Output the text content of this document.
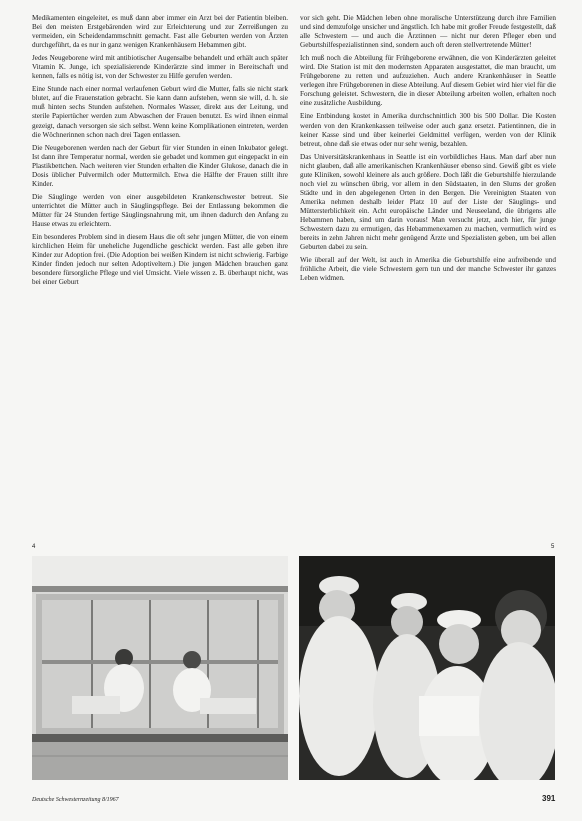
Medikamenten eingeleitet, es muß dann aber immer ein Arzt bei der Patientin bleiben. Bei den meisten Erstgebärenden wird zur Erleichterung und zur Zerreißungen zu vermeiden, ein Scheidendammschnitt gemacht. Fast alle Geburten werden von Ärzten durchgeführt, da es nur in ganz wenigen Krankenhäusern Hebammen gibt.

Jedes Neugeborene wird mit antibiotischer Augensalbe behandelt und erhält auch später Vitamin K. Junge, ich spezialisierende Kinderärzte sind immer in Bereitschaft und kennen, falls es nötig ist, von der Schwester zu Hilfe gerufen werden.

Eine Stunde nach einer normal verlaufenen Geburt wird die Mutter, falls sie nicht stark blutet, auf die Frauenstation gebracht. Sie kann dann aufstehen, wenn sie will, d. h. sie muß hinten sechs Stunden aufstehen. Normales Wasser, direkt aus der Leitung, und sterile Papiertücher werden zum Abwaschen der Frauen benutzt. Es wird ihnen einmal gezeigt, danach versorgen sie sich selbst. Wenn keine Komplikationen eintreten, werden die Wöchnerinnen schon nach drei Tagen entlassen.

Die Neugeborenen werden nach der Geburt für vier Stunden in einen Inkubator gelegt. Ist dann ihre Temperatur normal, werden sie gebadet und kommen gut eingepackt in ein Plastikbettchen. Nach weiteren vier Stunden erhalten die Kinder Glukose, danach die in Dosis üblicher Pulvermilch oder Muttermilch. Etwa die Hälfte der Frauen stillt ihre Kinder.

Die Säuglinge werden von einer ausgebildeten Krankenschwester betreut. Sie unterrichtet die Mütter auch in Säuglingspflege. Bei der Entlassung bekommen die Mütter für 24 Stunden fertige Säuglingsnahrung mit, um ihnen dadurch den Anfang zu Hause etwas zu erleichtern.

Ein besonderes Problem sind in diesem Haus die oft sehr jungen Mütter, die von einem kirchlichen Heim für uneheliche Jugendliche geschickt werden. Fast alle geben ihre Kinder zur Adoption frei. (Die Adoption bei weißen Kindern ist nicht schwierig. Farbige Kinder finden jedoch nur selten Adoptiveltern.) Die jungen Mädchen brauchen ganz besondere fürsorgliche Pflege und viel Umsicht. Viele wissen z. B. überhaupt nicht, was bei einer Geburt

vor sich geht. Die Mädchen leben ohne moralische Unterstützung durch ihre Familien und sind demzufolge unsicher und ängstlich. Ich habe mit großer Freude festgestellt, daß alle Schwestern — und auch die Ärztinnen — nicht nur deren Pfleger eben und Geburtshilfespezialistinnen sind, sondern auch oft deren stellvertretende Mütter!

Ich muß noch die Abteilung für Frühgeborene erwähnen, die von Kinderärzten geleitet wird. Die Station ist mit den modernsten Apparaten ausgestattet, die man braucht, um Frühgeborene zu retten und aufzuziehen. Auch andere Krankenhäuser in Seattle verlegen ihre Frühgeborenen in diese Abteilung. Auf diesem Gebiet wird hier viel für die Forschung geleistet. Schwestern, die in dieser Abteilung arbeiten wollen, erhalten noch eine zusätzliche Ausbildung.

Eine Entbindung kostet in Amerika durchschnittlich 300 bis 500 Dollar. Die Kosten werden von den Krankenkassen teilweise oder auch ganz ersetzt. Patientinnen, die in keiner Kasse sind und über keinerlei Geldmittel verfügen, werden von der Klinik betreut, ohne daß sie etwas oder nur sehr wenig, bezahlen.

Das Universitätskrankenhaus in Seattle ist ein vorbildliches Haus. Man darf aber nun nicht glauben, daß alle amerikanischen Krankenhäuser ebenso sind. Gewiß gibt es viele gute Kliniken, sowohl kleinere als auch größere. Doch läßt die Geburtshilfe hierzulande noch viel zu wünschen übrig, vor allem in den Südstaaten, in den Slums der großen Städte und in den abgelegenen Orten in den Bergen. Die Vereinigten Staaten von Amerika nehmen deshalb leider Platz 10 auf der Liste der Säuglings- und Müttersterblichkeit ein. Acht europäische Länder und Neuseeland, die übrigens alle Hebammen haben, sind um darin voraus! Man versucht jetzt, auch hier, für junge Schwestern dazu zu ermutigen, das Hebammenexamen zu machen, vermutlich wird es bereits in zehn Jahren nicht mehr genügend Ärzte und Spezialisten geben, um bei allen Geburten dabei zu sein.

Wie überall auf der Welt, ist auch in Amerika die Geburtshilfe eine aufreibende und fröhliche Arbeit, die viele Schwestern gern tun und der manche Schwester ihr ganzes Leben widmen.

4	5
Deutsche Schwesternzeitung 8/1967	391
